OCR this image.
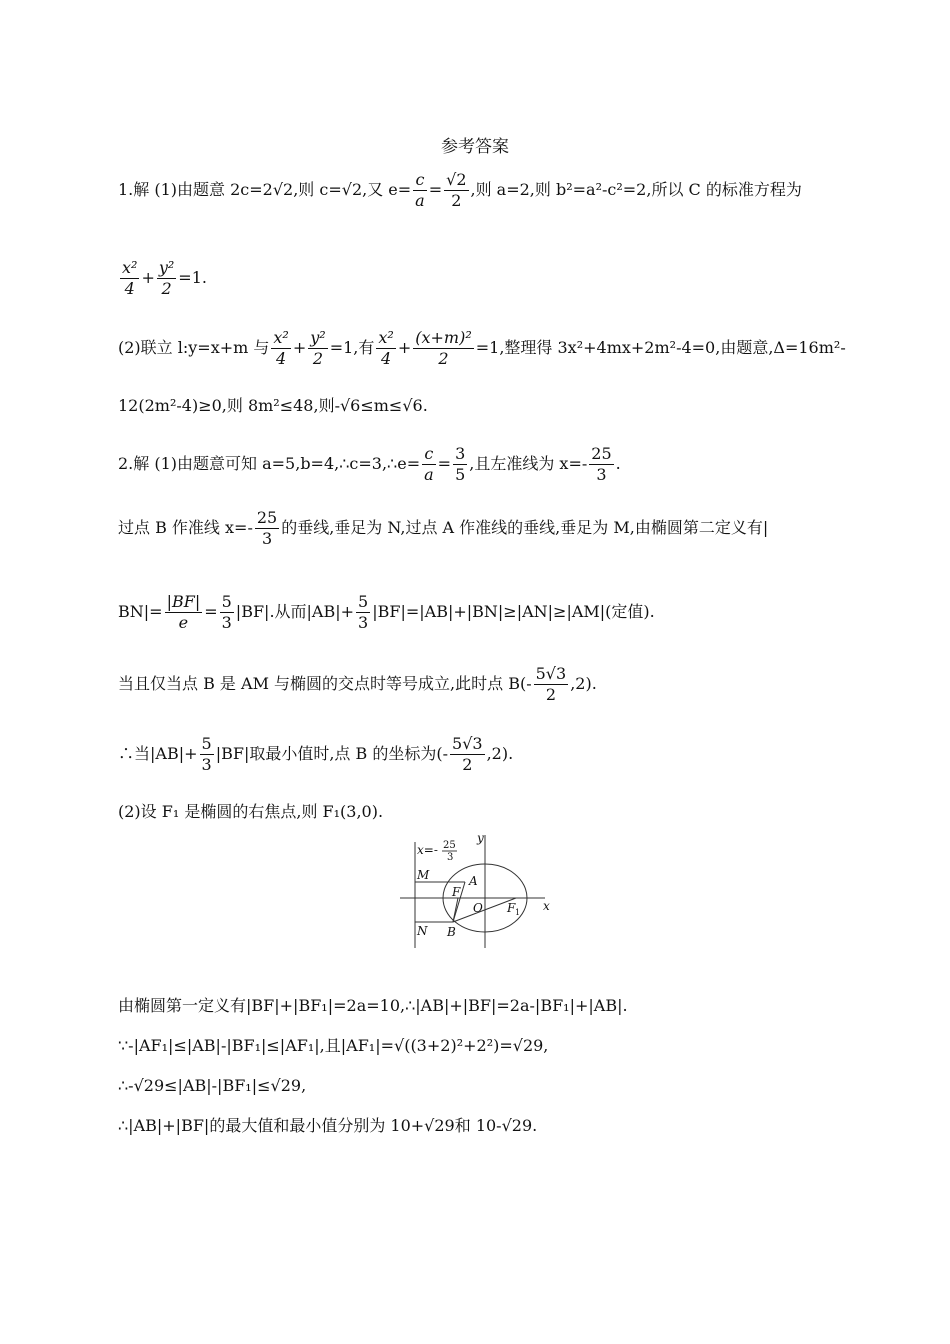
参考答案
1.解 (1)由题意 2c=2√2,则 c=√2,又 $e= \frac{c}{a} = \frac{√2}{2}$ ,则 a=2,则 b²=a²-c²=2,所以 C 的标准方程为
$\frac{\text{x²}}{4} + \frac{\text{y²}}{2} =1$.
(2)联立 l:y=x+m 与 $\frac{\text{x²}}{4} + \frac{\text{y²}}{2} =1$,有 $\frac{\text{x²}}{4} + \frac{\text{(x+m)²}}{2} =1$,整理得 3x²+4mx+2m²-4=0,由题意,Δ=16m²-
12(2m²-4)≥0,则 8m²≤48,则-√6≤m≤√6.
2.解 (1)由题意可知 a=5,b=4,∴c=3,∴e= $\frac{c}{a} = \frac{3}{5}$ ,且左准线为 $x=- \frac{25}{3}$ .
过点 B 作准线 $x=- \frac{25}{3}$ 的垂线,垂足为 N,过点 A 作准线的垂线,垂足为 M,由椭圆第二定义有|
$BN|= \frac{|BF|}{e} = \frac{5}{3} |BF|$.从而$|AB|+ \frac{5}{3} |BF|=|AB|+|BN|\ge|AN|\ge|AM|$(定值).
当且仅当点 B 是 AM 与椭圆的交点时等号成立,此时点 $B(- \frac{5√3}{2} ,2)$.
∴当$|AB|+ \frac{5}{3} |BF|$取最小值时,点 B 的坐标为(- $\frac{5√3}{2} ,2$).
(2)设 F₁ 是椭圆的右焦点,则 F₁(3,0).
x=- 25
3
y
x
M
N
A
B
F
O F 1
由椭圆第一定义有|BF|+|BF₁|=2a=10,∴|AB|+|BF|=2a-|BF₁|+|AB|.
∵-|AF₁|≤|AB|-|BF₁|≤|AF₁|,且|AF₁|=√((3+2)²+2²)=√29,
∴-√29≤|AB|-|BF₁|≤√29,
∴|AB|+|BF|的最大值和最小值分别为 10+√29和 10-√29.
